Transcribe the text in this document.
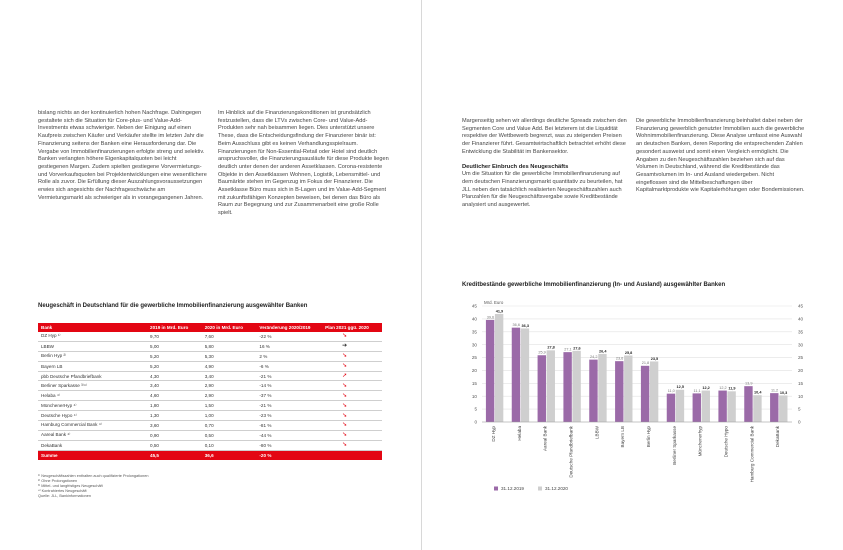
bislang nichts an der kontinuierlich hohen Nachfrage. Dahingegen gestaltete sich die Situation für Core-plus- und Value-Add-Investments etwas schwieriger. Neben der Einigung auf einen Kaufpreis zwischen Käufer und Verkäufer stellte im letzten Jahr die Finanzierung seitens der Banken eine Herausforderung dar. Die Vergabe von Immobilienfinanzierungen erfolgte streng und selektiv. Banken verlangten höhere Eigenkapitalquoten bei leicht gestiegenen Margen. Zudem spielten gestiegene Vorvermietungs- und Vorverkaufsquoten bei Projektentwicklungen eine wesentlichere Rolle als zuvor. Die Erfüllung dieser Auszahlungsvoraussetzungen erwies sich angesichts der Nachfrageschwäche am Vermietungsmarkt als schwieriger als in vorangegangenen Jahren.

Im Hinblick auf die Finanzierungskonditionen ist grundsätzlich festzustellen, dass die LTVs zwischen Core- und Value-Add-Produkten sehr nah beisammen liegen. Dies unterstützt unsere These, dass die Entscheidungsfindung der Finanzierer binär ist: Beim Ausschluss gibt es keinen Verhandlungsspielraum. Finanzierungen für Non-Essential-Retail oder Hotel sind deutlich anspruchsvoller, die Finanzierungsausläufe für diese Produkte liegen deutlich unter denen der anderen Assetklassen. Corona-resistente Objekte in den Assetklassen Wohnen, Logistik, Lebensmittel- und Baumärkte stehen im Gegenzug im Fokus der Finanzierer. Die Assetklasse Büro muss sich in B-Lagen und im Value-Add-Segment mit zukunftsfähigen Konzepten beweisen, bei denen das Büro als Raum zur Begegnung und zur Zusammenarbeit eine große Rolle spielt.

Neugeschäft in Deutschland für die gewerbliche Immobilienfinanzierung ausgewählter Banken
Bank	2019 in Mrd. Euro	2020 in Mrd. Euro	Veränderung 2020/2019	Plan 2021 ggü. 2020
DZ Hyp ¹⁾	9,70	7,60	-22 %	➘
LBBW	5,00	5,80	16 %	➔
Berlin Hyp ²⁾	5,20	5,30	2 %	➘
Bayern LB	5,20	4,90	-6 %	➘
pbb Deutsche Pfandbriefbank	4,30	3,40	-21 %	➚
Berliner Sparkasse ³⁾⁴⁾	3,40	2,90	-14 %	➘
Helaba ⁴⁾	4,60	2,90	-37 %	➘
MünchenerHyp ⁴⁾	1,80	1,50	-21 %	➘
Deutsche Hypo ⁴⁾	1,30	1,00	-23 %	➘
Hamburg Commercial Bank ⁴⁾	3,60	0,70	-81 %	➘
Aareal Bank ⁴⁾	0,90	0,50	-44 %	➘
DekaBank	0,50	0,10	-80 %	➘
Summe	45,5	36,6	-20 %	
¹⁾ Neugeschäftszahlen enthalten auch qualifizierte Prolongationen
²⁾ Ohne Prolongationen
³⁾ Mittel- und langfristiges Neugeschäft
⁴⁾ Kontrahiertes Neugeschäft
Quelle: JLL, Bankinformationen

Margenseitig sehen wir allerdings deutliche Spreads zwischen den Segmenten Core und Value Add. Bei letzterem ist die Liquidität respektive der Wettbewerb begrenzt, was zu steigenden Preisen der Finanzierer führt. Gesamtwirtschaftlich betrachtet erhöht diese Entwicklung die Stabilität im Bankensektor.

Deutlicher Einbruch des Neugeschäfts

Um die Situation für die gewerbliche Immobilienfinanzierung auf dem deutschen Finanzierungsmarkt quantitativ zu beurteilen, hat JLL neben den tatsächlich realisierten Neugeschäftszahlen auch Planzahlen für die Neugeschäftsvergabe sowie Kreditbestände analysiert und ausgewertet.

Die gewerbliche Immobilienfinanzierung beinhaltet dabei neben der Finanzierung gewerblich genutzter Immobilien auch die gewerbliche Wohnimmobilienfinanzierung. Diese Analyse umfasst eine Auswahl an deutschen Banken, deren Reporting die entsprechenden Zahlen gesondert ausweist und somit einen Vergleich ermöglicht. Die Angaben zu den Neugeschäftszahlen beziehen sich auf das Volumen in Deutschland, während die Kreditbestände das Gesamtvolumen im In- und Ausland wiedergeben. Nicht eingeflossen sind die Mittelbeschaffungen über Kapitalmarktprodukte wie Kapitalerhöhungen oder Bondemissionen.

Kreditbestände gewerbliche Immobilienfinanzierung (In- und Ausland) ausgewählter Banken
0	0
5	5
10	10
15	15
20	20
25	25
30	30
35	35
40	40
45	45
Mrd. Euro
39,6
41,9
DZ Hyp
36,6 36,3
Helaba
25,9
27,8
Aareal Bank
27,1 27,6
Deutsche Pfandbriefbank
24,2
26,4
LBBW
23,6
25,8
Bayern LB
21,8
23,5
Berlin Hyp
11,0
12,5
Berliner Sparkasse
11,1
12,2
Münchenerhyp
12,2 11,9
Deutsche Hypo
13,9
10,4
Hamburg Commercial Bank
11,2
10,3
DekaBank
31.12.2019	31.12.2020
